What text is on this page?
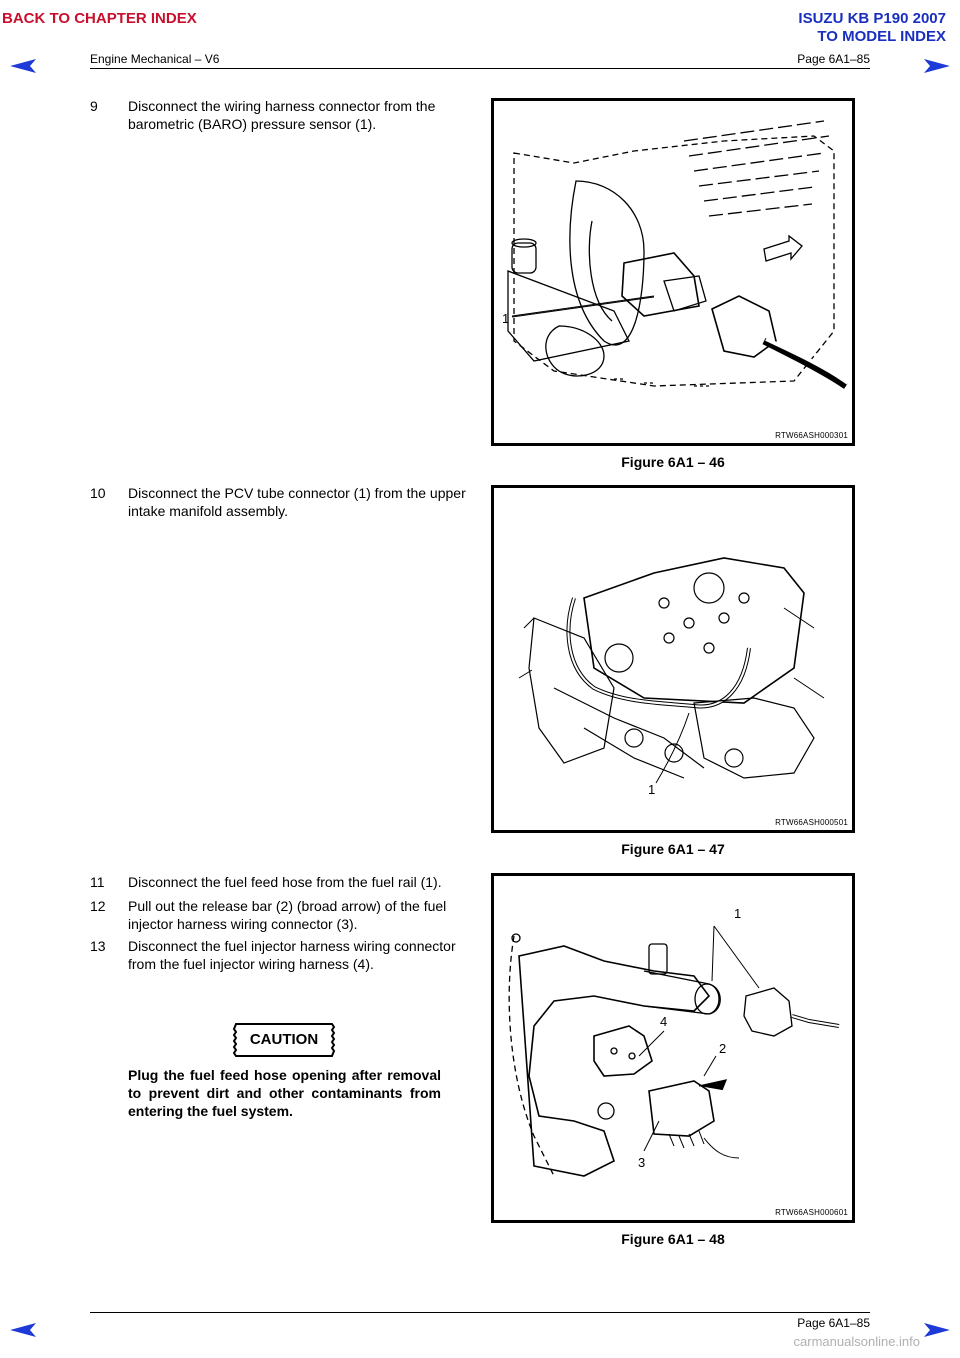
BACK TO CHAPTER INDEX	ISUZU KB P190 2007
TO MODEL INDEX
Engine Mechanical – V6	Page 6A1–85
9	Disconnect the wiring harness connector from the barometric (BARO) pressure sensor (1).
1
RTW66ASH000301
Figure 6A1 – 46
10	Disconnect the PCV tube connector (1) from the upper intake manifold assembly.
1
RTW66ASH000501
Figure 6A1 – 47
11	Disconnect the fuel feed hose from the fuel rail (1).
12	Pull out the release bar (2) (broad arrow) of the fuel injector harness wiring connector (3).
13	Disconnect the fuel injector harness wiring connector from the fuel injector wiring harness (4).
CAUTION
Plug the fuel feed hose opening after removal to prevent dirt and other contaminants from entering the fuel system.
1
4
2
3
RTW66ASH000601
Figure 6A1 – 48
Page 6A1–85
carmanualsonline.info
